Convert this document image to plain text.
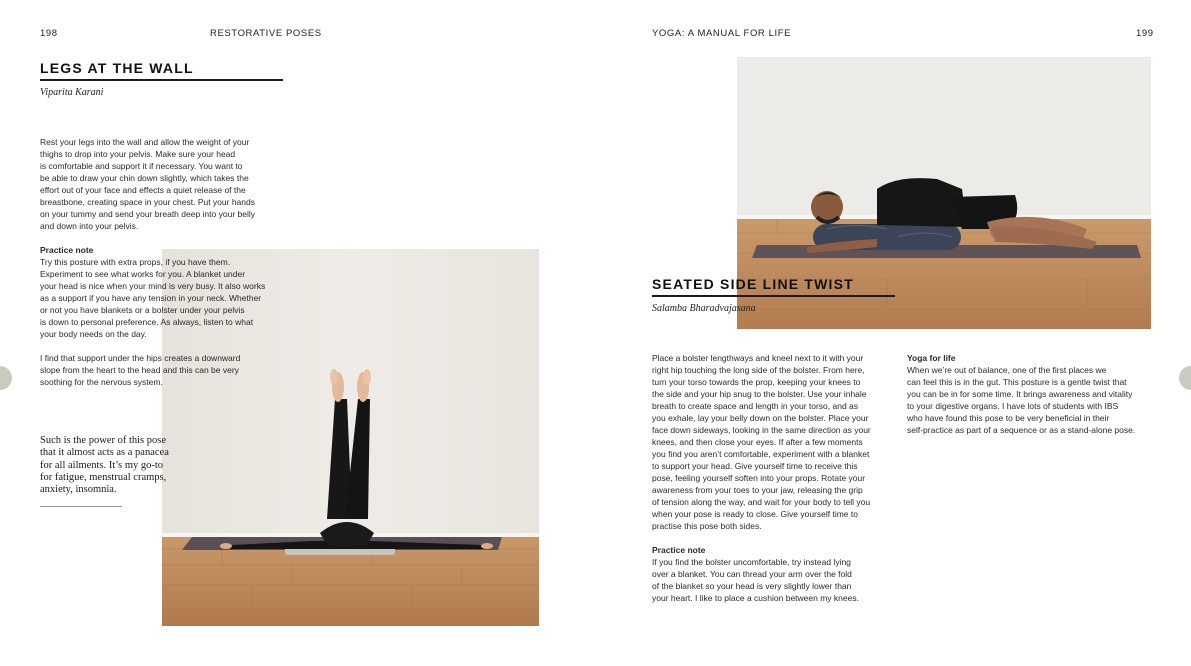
198	RESTORATIVE POSES
LEGS AT THE WALL
Viparita Karani

Rest your legs into the wall and allow the weight of your

thighs to drop into your pelvis. Make sure your head

is comfortable and support it if necessary. You want to

be able to draw your chin down slightly, which takes the

effort out of your face and effects a quiet release of the

breastbone, creating space in your chest. Put your hands

on your tummy and send your breath deep into your belly

and down into your pelvis.

Practice note

Try this posture with extra props, if you have them.

Experiment to see what works for you. A blanket under

your head is nice when your mind is very busy. It also works

as a support if you have any tension in your neck. Whether

or not you have blankets or a bolster under your pelvis

is down to personal preference. As always, listen to what

your body needs on the day.

I find that support under the hips creates a downward

slope from the heart to the head and this can be very

soothing for the nervous system.

Such is the power of this pose

that it almost acts as a panacea

for all ailments. It’s my go-to

for fatigue, menstrual cramps,

anxiety, insomnia.

YOGA: A MANUAL FOR LIFE	199
SEATED SIDE LINE TWIST
Salamba Bharadvajasana

Place a bolster lengthways and kneel next to it with your

right hip touching the long side of the bolster. From here,

turn your torso towards the prop, keeping your knees to

the side and your hip snug to the bolster. Use your inhale

breath to create space and length in your torso, and as

you exhale, lay your belly down on the bolster. Place your

face down sideways, looking in the same direction as your

knees, and then close your eyes. If after a few moments

you find you aren’t comfortable, experiment with a blanket

to support your head. Give yourself time to receive this

pose, feeling yourself soften into your props. Rotate your

awareness from your toes to your jaw, releasing the grip

of tension along the way, and wait for your body to tell you

when your pose is ready to close. Give yourself time to

practise this pose both sides.

Practice note

If you find the bolster uncomfortable, try instead lying

over a blanket. You can thread your arm over the fold

of the blanket so your head is very slightly lower than

your heart. I like to place a cushion between my knees.

Yoga for life

When we’re out of balance, one of the first places we

can feel this is in the gut. This posture is a gentle twist that

you can be in for some time. It brings awareness and vitality

to your digestive organs. I have lots of students with IBS

who have found this pose to be very beneficial in their

self-practice as part of a sequence or as a stand-alone pose.
